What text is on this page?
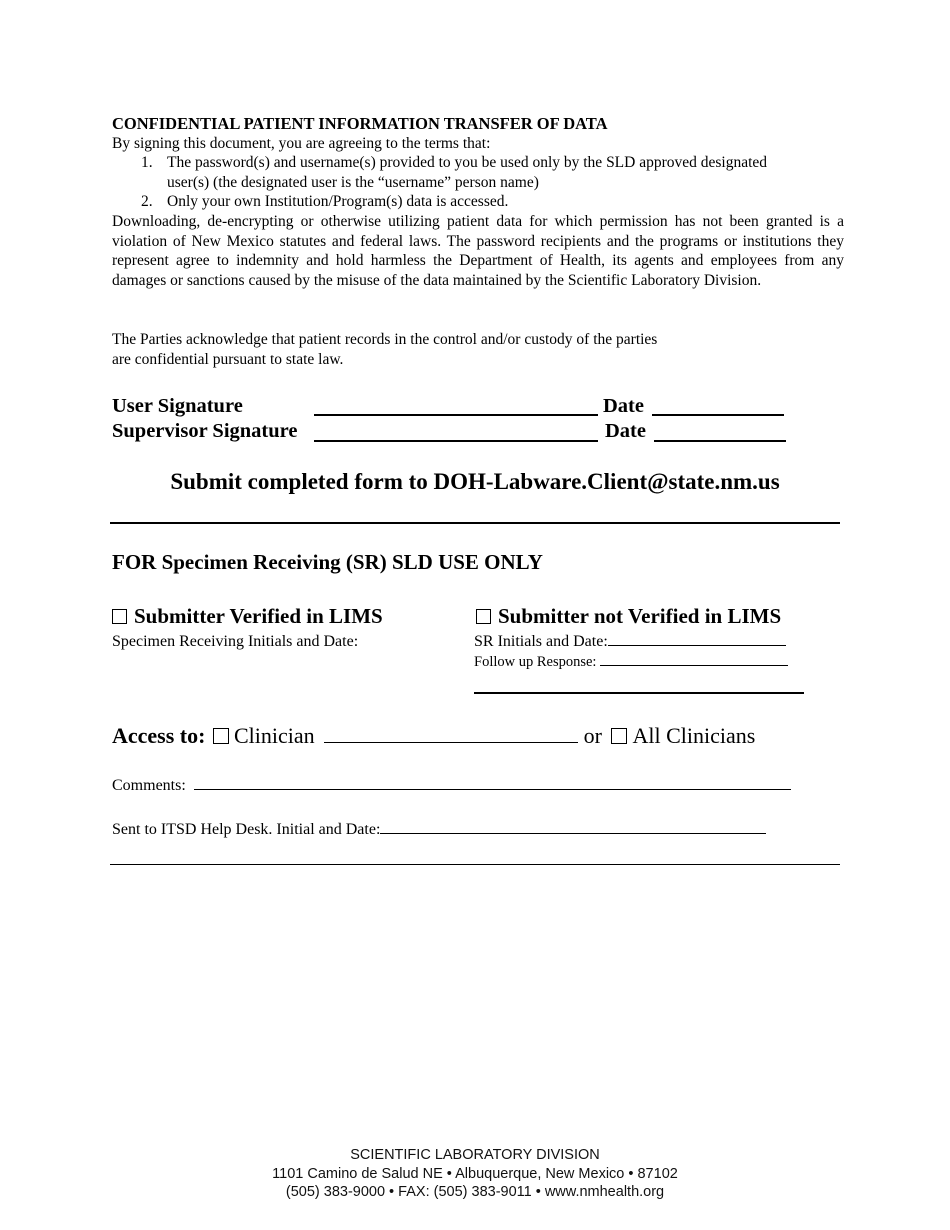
CONFIDENTIAL PATIENT INFORMATION TRANSFER OF DATA
By signing this document, you are agreeing to the terms that:
1. The password(s) and username(s) provided to you be used only by the SLD approved designated
user(s) (the designated user is the “username” person name)
2. Only your own Institution/Program(s) data is accessed.
Downloading, de-encrypting or otherwise utilizing patient data for which permission has not been granted is a violation of New Mexico statutes and federal laws. The password recipients and the programs or institutions they represent agree to indemnity and hold harmless the Department of Health, its agents and employees from any damages or sanctions caused by the misuse of the data maintained by the Scientific Laboratory Division.
The Parties acknowledge that patient records in the control and/or custody of the parties
are confidential pursuant to state law.
User Signature	Date
Supervisor Signature	Date
Submit completed form to DOH-Labware.Client@state.nm.us
FOR Specimen Receiving (SR) SLD USE ONLY
Submitter Verified in LIMS
Specimen Receiving Initials and Date:
Submitter not Verified in LIMS
SR Initials and Date:
Follow up Response:
Access to: Clinician	or All Clinicians
Comments:
Sent to ITSD Help Desk. Initial and Date:
SCIENTIFIC LABORATORY DIVISION
1101 Camino de Salud NE • Albuquerque, New Mexico • 87102
(505) 383-9000 • FAX: (505) 383-9011 • www.nmhealth.org
